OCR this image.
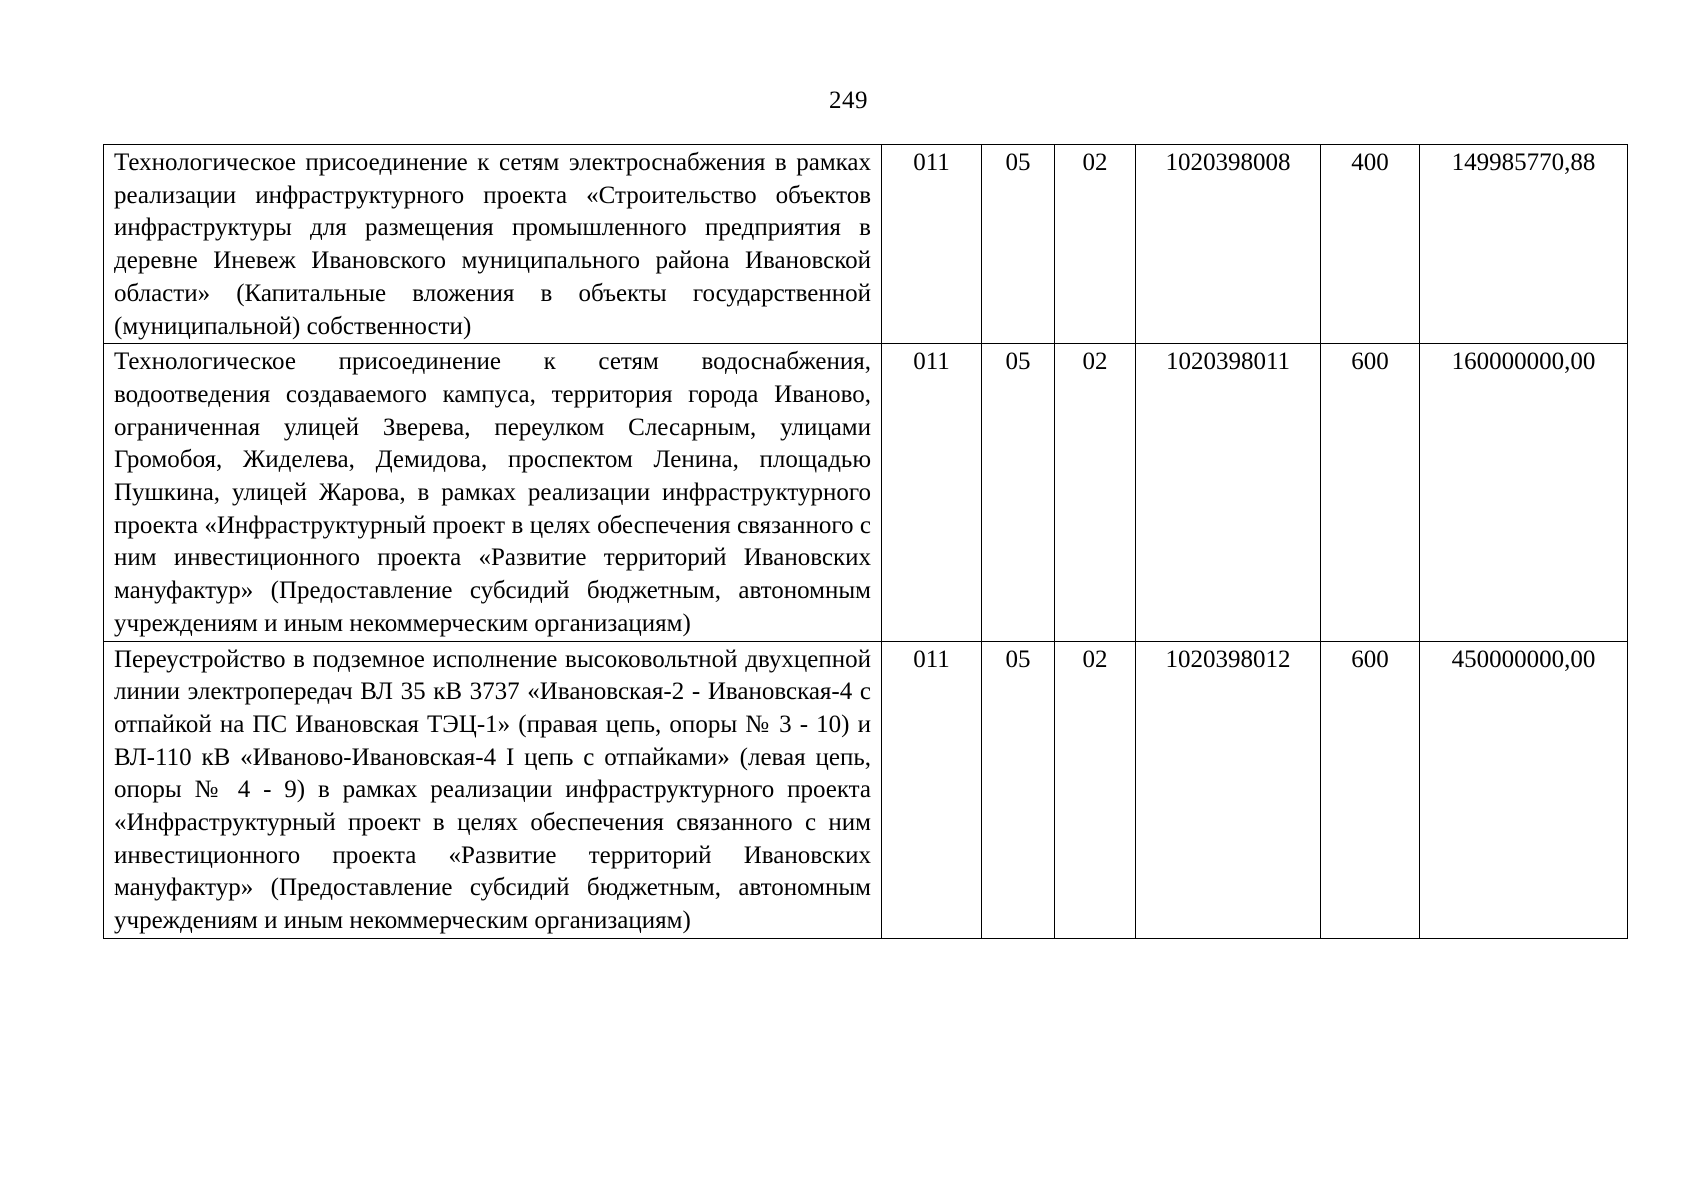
249
Технологическое присоединение к сетям электроснабжения в рамках реализации инфраструктурного проекта «Строительство объектов инфраструктуры для размещения промышленного предприятия в деревне Иневеж Ивановского муниципального района Ивановской области» (Капитальные вложения в объекты государственной (муниципальной) собственности)	011	05	02	1020398008	400	149985770,88
Технологическое присоединение к сетям водоснабжения, водоотведения создаваемого кампуса, территория города Иваново, ограниченная улицей Зверева, переулком Слесарным, улицами Громобоя, Жиделева, Демидова, проспектом Ленина, площадью Пушкина, улицей Жарова, в рамках реализации инфраструктурного проекта «Инфраструктурный проект в целях обеспечения связанного с ним инвестиционного проекта «Развитие территорий Ивановских мануфактур» (Предоставление субсидий бюджетным, автономным учреждениям и иным некоммерческим организациям)	011	05	02	1020398011	600	160000000,00
Переустройство в подземное исполнение высоковольтной двухцепной линии электропередач ВЛ 35 кВ 3737 «Ивановская-2 - Ивановская-4 с отпайкой на ПС Ивановская ТЭЦ-1» (правая цепь, опоры № 3 - 10) и ВЛ-110 кВ «Иваново-Ивановская-4 I цепь с отпайками» (левая цепь, опоры № 4 - 9) в рамках реализации инфраструктурного проекта «Инфраструктурный проект в целях обеспечения связанного с ним инвестиционного проекта «Развитие территорий Ивановских мануфактур» (Предоставление субсидий бюджетным, автономным учреждениям и иным некоммерческим организациям)	011	05	02	1020398012	600	450000000,00
